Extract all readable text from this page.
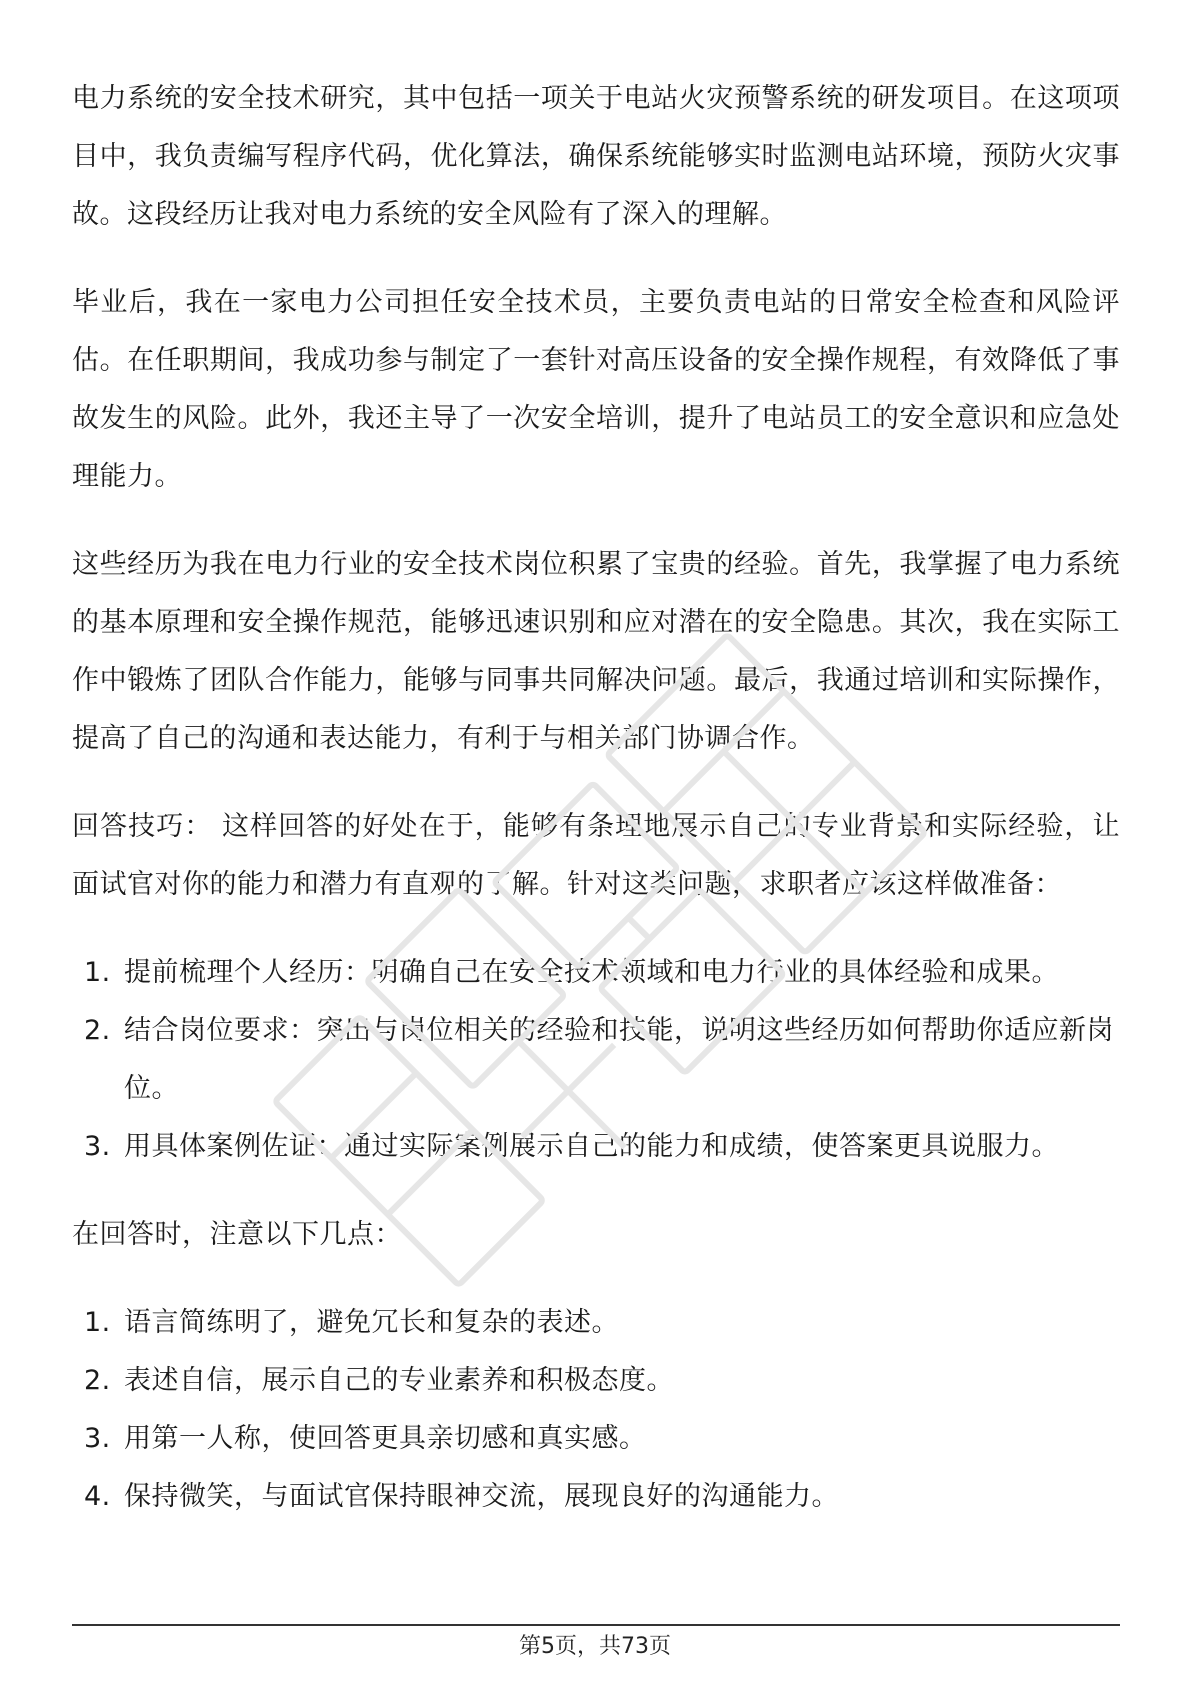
电力系统的安全技术研究，其中包括一项关于电站火灾预警系统的研发项目。在这项项目中，我负责编写程序代码，优化算法，确保系统能够实时监测电站环境，预防火灾事故。这段经历让我对电力系统的安全风险有了深入的理解。

毕业后，我在一家电力公司担任安全技术员，主要负责电站的日常安全检查和风险评估。在任职期间，我成功参与制定了一套针对高压设备的安全操作规程，有效降低了事故发生的风险。此外，我还主导了一次安全培训，提升了电站员工的安全意识和应急处理能力。

这些经历为我在电力行业的安全技术岗位积累了宝贵的经验。首先，我掌握了电力系统的基本原理和安全操作规范，能够迅速识别和应对潜在的安全隐患。其次，我在实际工作中锻炼了团队合作能力，能够与同事共同解决问题。最后，我通过培训和实际操作，提高了自己的沟通和表达能力，有利于与相关部门协调合作。

回答技巧： 这样回答的好处在于，能够有条理地展示自己的专业背景和实际经验，让面试官对你的能力和潜力有直观的了解。针对这类问题，求职者应该这样做准备：

1. 提前梳理个人经历：明确自己在安全技术领域和电力行业的具体经验和成果。
2. 结合岗位要求：突出与岗位相关的经验和技能，说明这些经历如何帮助你适应新岗位。
3. 用具体案例佐证：通过实际案例展示自己的能力和成绩，使答案更具说服力。

在回答时，注意以下几点：

1. 语言简练明了，避免冗长和复杂的表述。
2. 表述自信，展示自己的专业素养和积极态度。
3. 用第一人称，使回答更具亲切感和真实感。
4. 保持微笑，与面试官保持眼神交流，展现良好的沟通能力。
第5页，共73页
